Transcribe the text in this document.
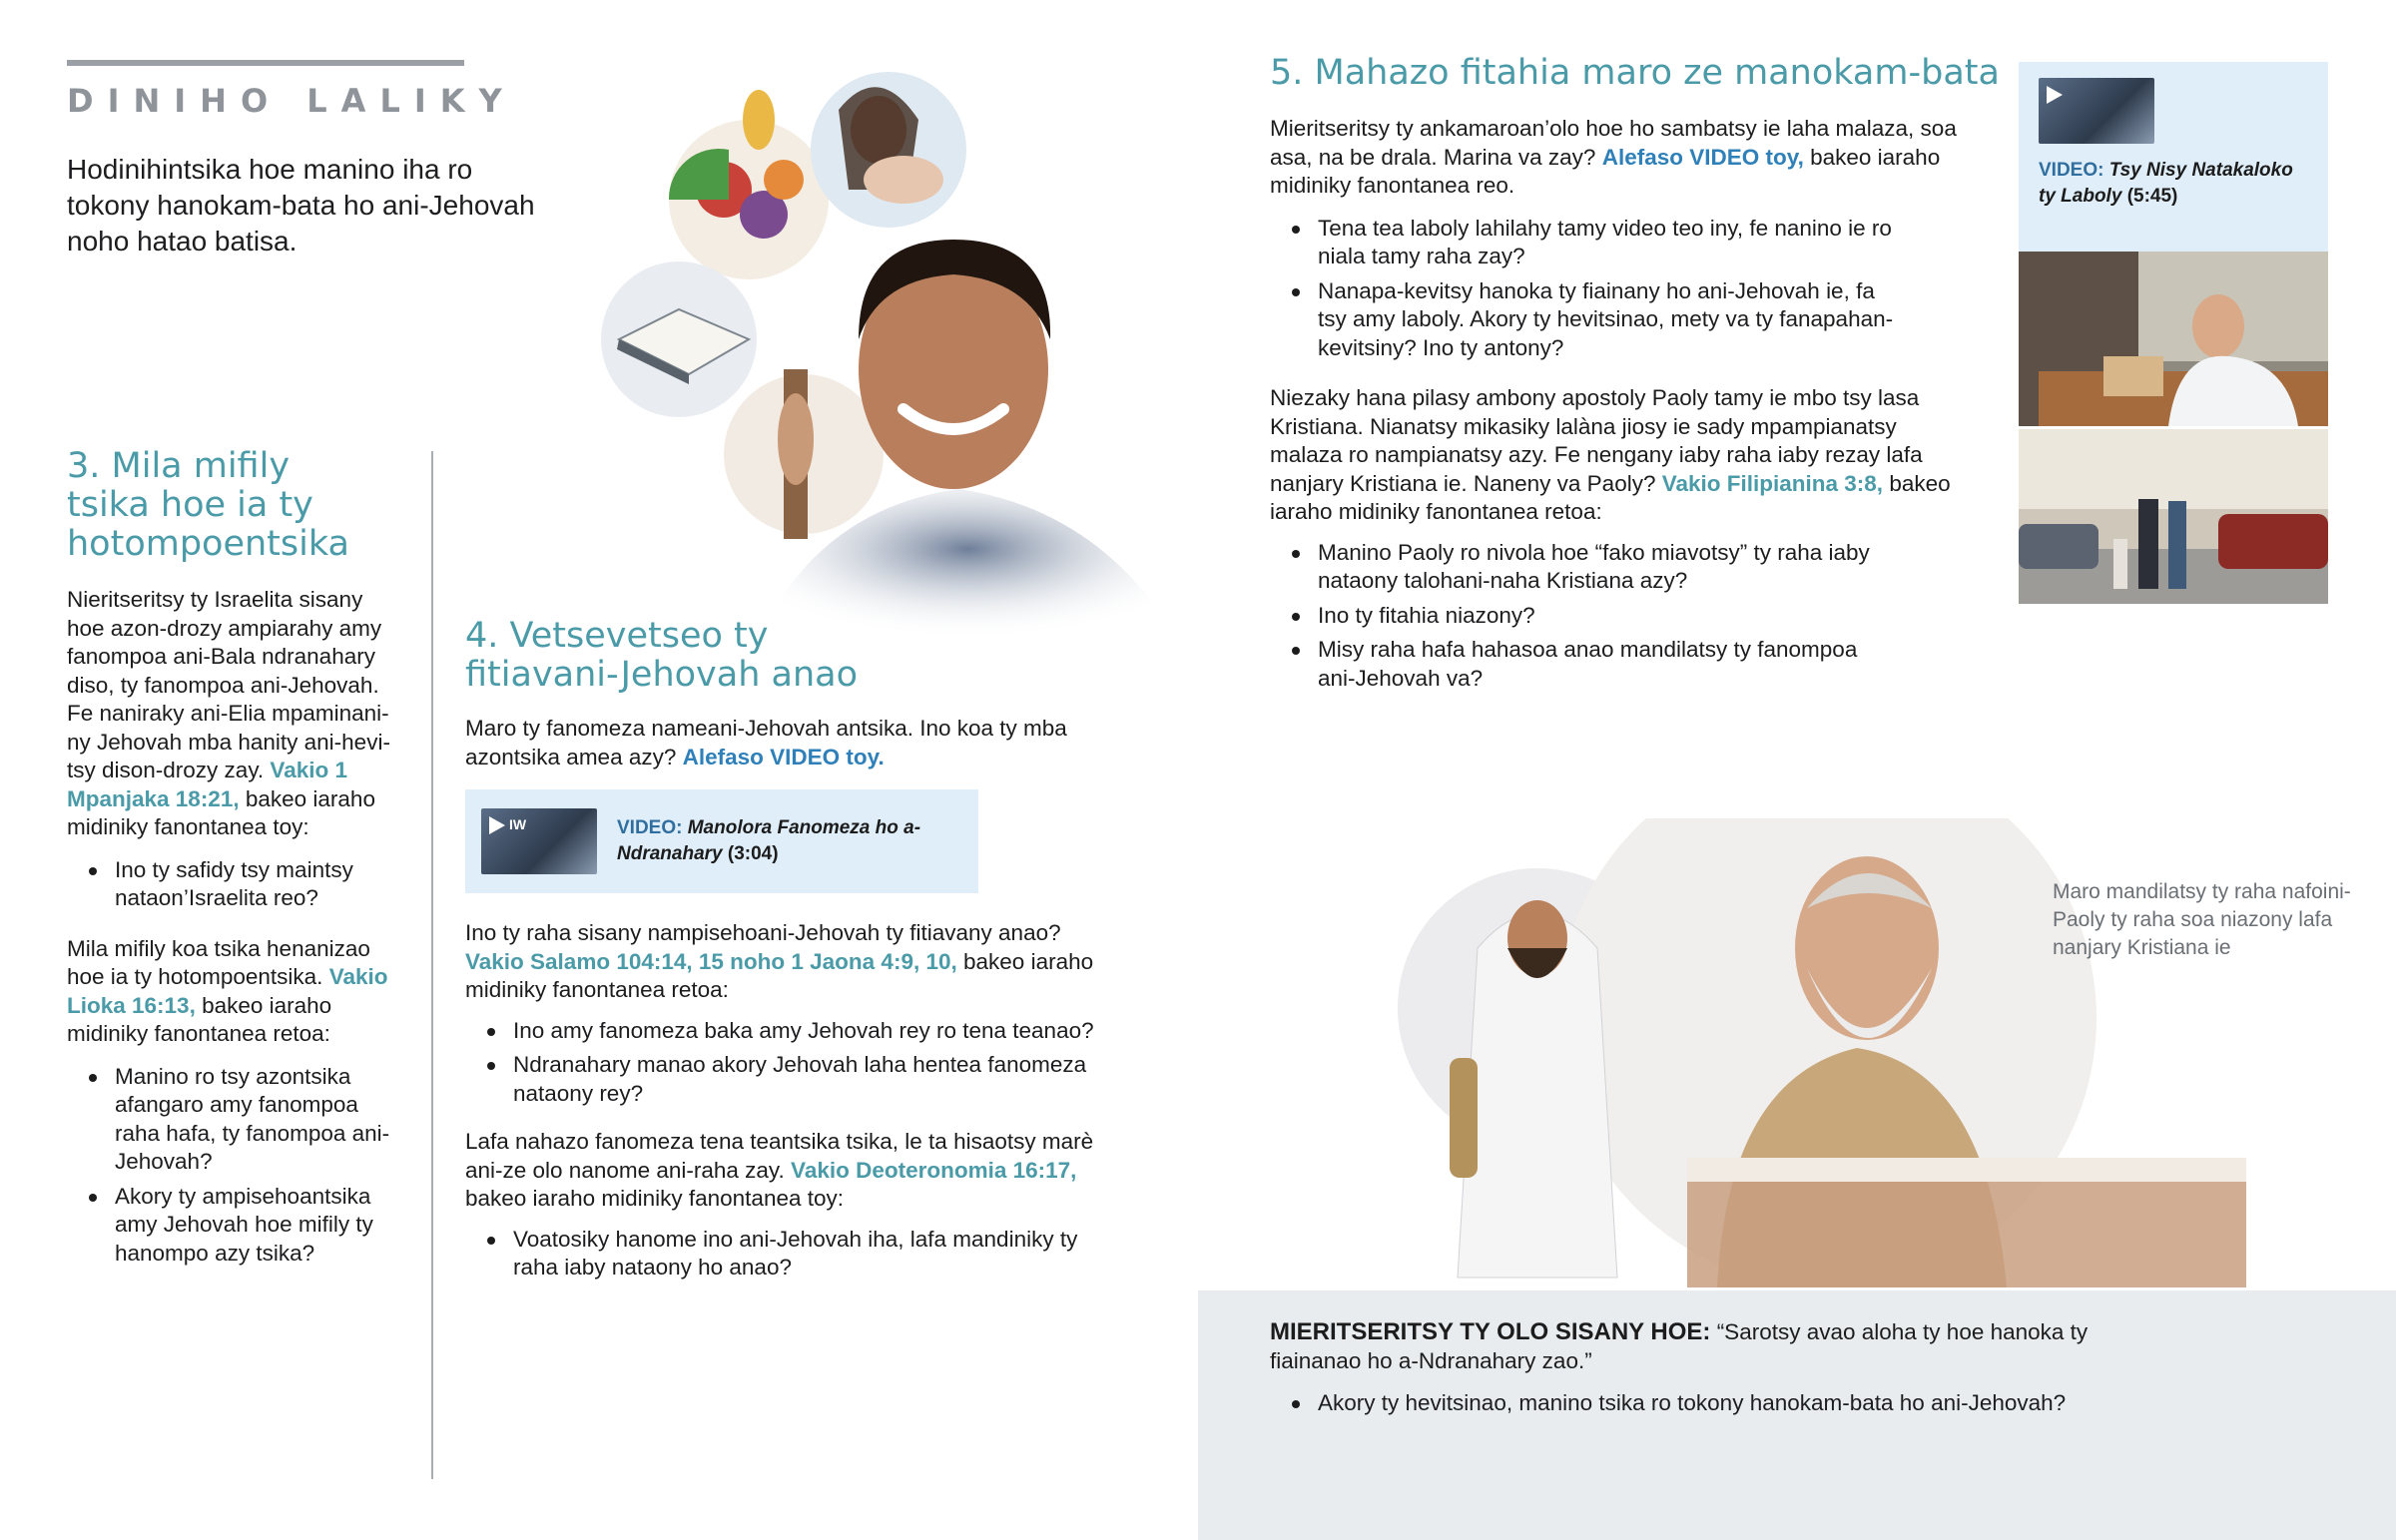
DINIHO LALIKY
Hodinihintsika hoe manino iha ro tokony hanokam-bata ho ani-Jehovah noho hatao batisa.
3. Mila mifily
tsika hoe ia ty
hotompoentsika

Nieritseritsy ty Israelita sisany hoe azon-drozy ampiarahy amy fanompoa ani-Bala ndranahary diso, ty fanompoa ani-Jehovah. Fe naniraky ani-Elia mpaminani-ny Jehovah mba hanity ani-hevi-tsy dison-drozy zay. Vakio 1 Mpanjaka 18:21, bakeo iaraho midiniky fanontanea toy:

Ino ty safidy tsy maintsy nataon’Israelita reo?

Mila mifily koa tsika henanizao hoe ia ty hotompoentsika. Vakio Lioka 16:13, bakeo iaraho midiniky fanontanea retoa:

Manino ro tsy azontsika afangaro amy fanompoa raha hafa, ty fanompoa ani-Jehovah?
Akory ty ampisehoantsika amy Jehovah hoe mifily ty hanompo azy tsika?
4. Vetsevetseo ty
fitiavani-Jehovah anao

Maro ty fanomeza nameani-Jehovah antsika. Ino koa ty mba azontsika amea azy? Alefaso VIDEO toy.

IW	VIDEO: Manolora Fanomeza ho a-Ndranahary (3:04)

Ino ty raha sisany nampisehoani-Jehovah ty fitiavany anao? Vakio Salamo 104:14, 15 noho 1 Jaona 4:9, 10, bakeo iaraho midiniky fanontanea retoa:

Ino amy fanomeza baka amy Jehovah rey ro tena teanao?
Ndranahary manao akory Jehovah laha hentea fanomeza nataony rey?

Lafa nahazo fanomeza tena teantsika tsika, le ta hisaotsy marè ani-ze olo nanome ani-raha zay. Vakio Deoteronomia 16:17, bakeo iaraho midiniky fanontanea toy:

Voatosiky hanome ino ani-Jehovah iha, lafa mandiniky ty raha iaby nataony ho anao?
5. Mahazo fitahia maro ze manokam-bata

Mieritseritsy ty ankamaroan’olo hoe ho sambatsy ie laha malaza, soa asa, na be drala. Marina va zay? Alefaso VIDEO toy, bakeo iaraho midiniky fanontanea reo.

Tena tea laboly lahilahy tamy video teo iny, fe nanino ie ro niala tamy raha zay?
Nanapa-kevitsy hanoka ty fiainany ho ani-Jehovah ie, fa tsy amy laboly. Akory ty hevitsinao, mety va ty fanapahan-kevitsiny? Ino ty antony?

Niezaky hana pilasy ambony apostoly Paoly tamy ie mbo tsy lasa Kristiana. Nianatsy mikasiky lalàna jiosy ie sady mpampianatsy malaza ro nampianatsy azy. Fe nengany iaby raha iaby rezay lafa nanjary Kristiana ie. Naneny va Paoly? Vakio Filipianina 3:8, bakeo iaraho midiniky fanontanea retoa:

Manino Paoly ro nivola hoe “fako miavotsy” ty raha iaby nataony talohani-naha Kristiana azy?
Ino ty fitahia niazony?
Misy raha hafa hahasoa anao mandilatsy ty fanompoa ani-Jehovah va?
VIDEO: Tsy Nisy Natakaloko
ty Laboly (5:45)
Maro mandilatsy ty raha nafoini-Paoly ty raha soa niazony lafa nanjary Kristiana ie

MIERITSERITSY TY OLO SISANY HOE: “Sarotsy avao aloha ty hoe hanoka ty fiainanao ho a-Ndranahary zao.”

Akory ty hevitsinao, manino tsika ro tokony hanokam-bata ho ani-Jehovah?
